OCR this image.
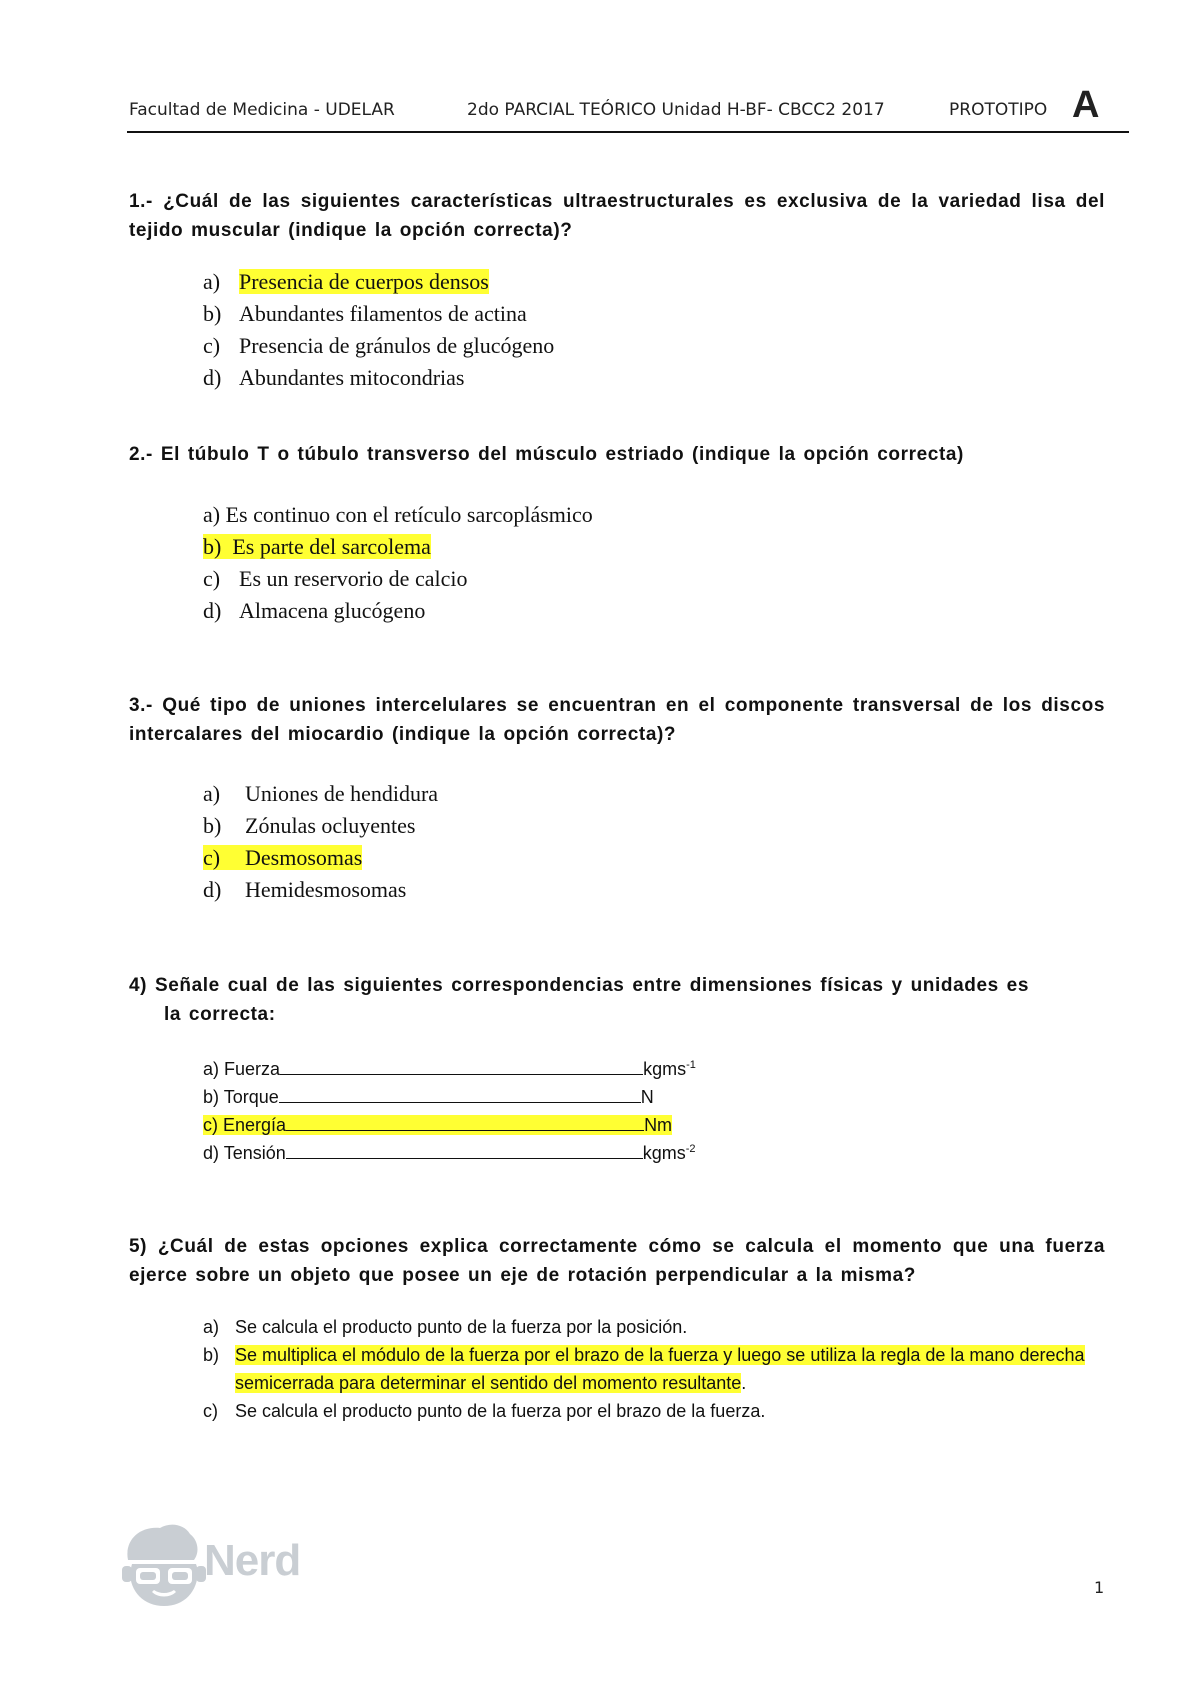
Facultad de Medicina - UDELAR	2do PARCIAL TEÓRICO Unidad H-BF- CBCC2 2017	PROTOTIPO A
1.- ¿Cuál de las siguientes características ultraestructurales es exclusiva de la variedad lisa del tejido muscular (indique la opción correcta)?
a) Presencia de cuerpos densos
b) Abundantes filamentos de actina
c) Presencia de gránulos de glucógeno
d) Abundantes mitocondrias
2.- El túbulo T o túbulo transverso del músculo estriado (indique la opción correcta)
a) Es continuo con el retículo sarcoplásmico
b) Es parte del sarcolema
c) Es un reservorio de calcio
d) Almacena glucógeno
3.- Qué tipo de uniones intercelulares se encuentran en el componente transversal de los discos intercalares del miocardio (indique la opción correcta)?
a) Uniones de hendidura
b) Zónulas ocluyentes
c) Desmosomas
d) Hemidesmosomas
4) Señale cual de las siguientes correspondencias entre dimensiones físicas y unidades es
la correcta:
a) Fuerza	kgms$^{-1}$
b) Torque	N
c) Energía	Nm
d) Tensión	kgms$^{-2}$
5) ¿Cuál de estas opciones explica correctamente cómo se calcula el momento que una fuerza ejerce sobre un objeto que posee un eje de rotación perpendicular a la misma?
a) Se calcula el producto punto de la fuerza por la posición.
b) Se multiplica el módulo de la fuerza por el brazo de la fuerza y luego se utiliza la regla de la mano derecha semicerrada para determinar el sentido del momento resultante.
c) Se calcula el producto punto de la fuerza por el brazo de la fuerza.
Nerd
1
